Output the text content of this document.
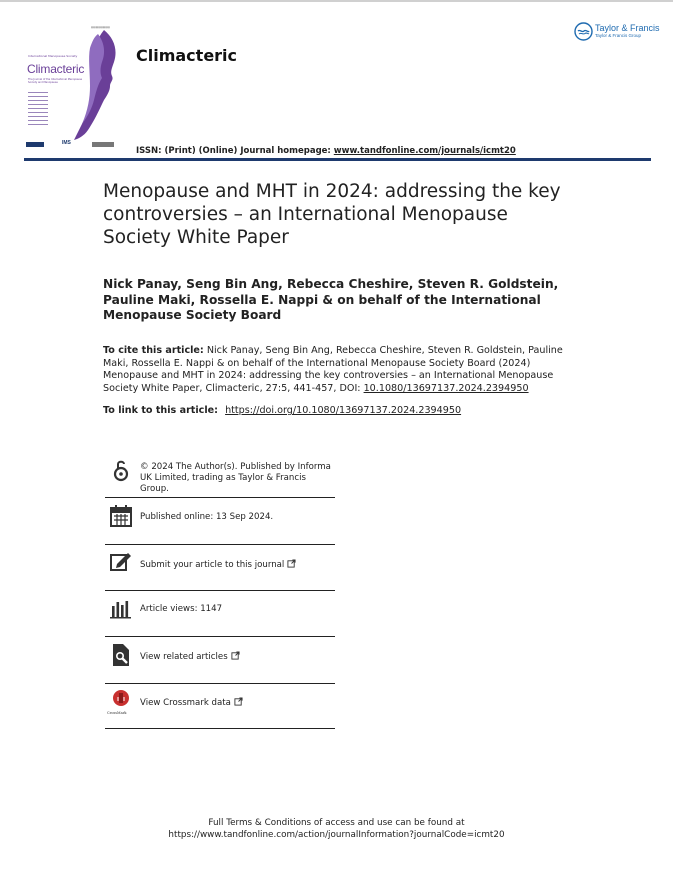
▤▤▤▤▤▤▤▤
International Menopause Society
Climacteric
The Journal of the International Menopause Society and Menopause
IMS
Climacteric
Taylor & Francis
Taylor & Francis Group
ISSN: (Print) (Online) Journal homepage: www.tandfonline.com/journals/icmt20
Menopause and MHT in 2024: addressing the key controversies – an International Menopause Society White Paper
Nick Panay, Seng Bin Ang, Rebecca Cheshire, Steven R. Goldstein, Pauline Maki, Rossella E. Nappi & on behalf of the International Menopause Society Board
To cite this article: Nick Panay, Seng Bin Ang, Rebecca Cheshire, Steven R. Goldstein, Pauline Maki, Rossella E. Nappi & on behalf of the International Menopause Society Board (2024) Menopause and MHT in 2024: addressing the key controversies – an International Menopause Society White Paper, Climacteric, 27:5, 441-457, DOI: 10.1080/13697137.2024.2394950
To link to this article: https://doi.org/10.1080/13697137.2024.2394950
© 2024 The Author(s). Published by Informa UK Limited, trading as Taylor & Francis Group.
Published online: 13 Sep 2024.
Submit your article to this journal
Article views: 1147
View related articles
CrossMark
View Crossmark data
Full Terms & Conditions of access and use can be found at
https://www.tandfonline.com/action/journalInformation?journalCode=icmt20
